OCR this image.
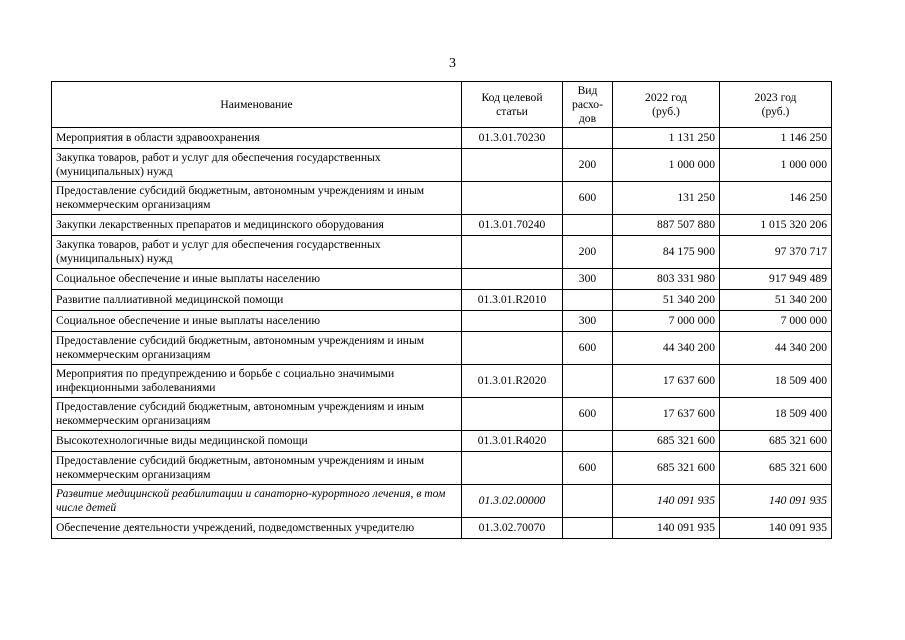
3
Наименование	Код целевой статьи	Вид расхо-дов	2022 год (руб.)	2023 год (руб.)
Мероприятия в области здравоохранения	01.3.01.70230		1 131 250	1 146 250
Закупка товаров, работ и услуг для обеспечения государственных (муниципальных) нужд		200	1 000 000	1 000 000
Предоставление субсидий бюджетным, автономным учреждениям и иным некоммерческим организациям		600	131 250	146 250
Закупки лекарственных препаратов и медицинского оборудования	01.3.01.70240		887 507 880	1 015 320 206
Закупка товаров, работ и услуг для обеспечения государственных (муниципальных) нужд		200	84 175 900	97 370 717
Социальное обеспечение и иные выплаты населению		300	803 331 980	917 949 489
Развитие паллиативной медицинской помощи	01.3.01.R2010		51 340 200	51 340 200
Социальное обеспечение и иные выплаты населению		300	7 000 000	7 000 000
Предоставление субсидий бюджетным, автономным учреждениям и иным некоммерческим организациям		600	44 340 200	44 340 200
Мероприятия по предупреждению и борьбе с социально значимыми инфекционными заболеваниями	01.3.01.R2020		17 637 600	18 509 400
Предоставление субсидий бюджетным, автономным учреждениям и иным некоммерческим организациям		600	17 637 600	18 509 400
Высокотехнологичные виды медицинской помощи	01.3.01.R4020		685 321 600	685 321 600
Предоставление субсидий бюджетным, автономным учреждениям и иным некоммерческим организациям		600	685 321 600	685 321 600
Развитие медицинской реабилитации и санаторно-курортного лечения, в том числе детей	01.3.02.00000		140 091 935	140 091 935
Обеспечение деятельности учреждений, подведомственных учредителю	01.3.02.70070		140 091 935	140 091 935
